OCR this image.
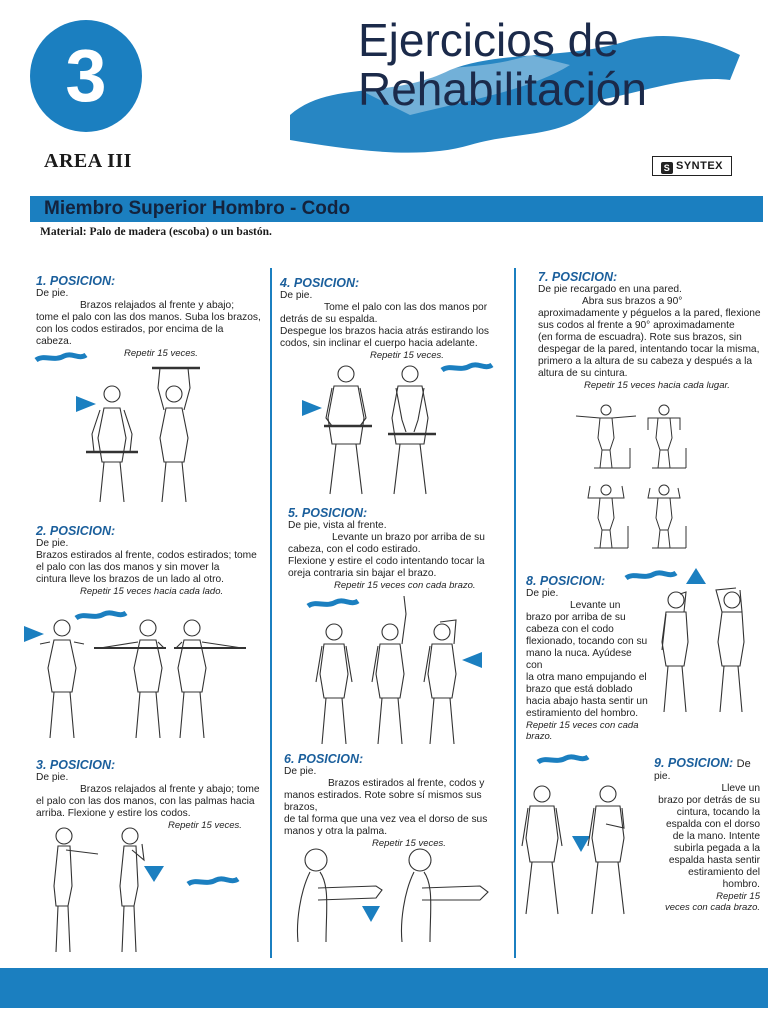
3
AREA III
Ejercicios de
Rehabilitación
S SYNTEX
Miembro Superior Hombro - Codo
Material: Palo de madera (escoba) o un bastón.
1. POSICION:
De pie.
Brazos relajados al frente y abajo;
tome el palo con las dos manos. Suba los brazos,
con los codos estirados, por encima de la cabeza.
Repetir 15 veces.
2. POSICION:
De pie.
Brazos estirados al frente, codos estirados; tome
el palo con las dos manos y sin mover la
cintura lleve los brazos de un lado al otro.
Repetir 15 veces hacia cada lado.
3. POSICION:
De pie.
Brazos relajados al frente y abajo; tome
el palo con las dos manos, con las palmas hacia
arriba. Flexione y estire los codos.
Repetir 15 veces.
4. POSICION:
De pie.
Tome el palo con las dos manos por
detrás de su espalda.
Despegue los brazos hacia atrás estirando los
codos, sin inclinar el cuerpo hacia adelante.
Repetir 15 veces.
5. POSICION:
De pie, vista al frente.
Levante un brazo por arriba de su
cabeza, con el codo estirado.
Flexione y estire el codo intentando tocar la
oreja contraria sin bajar el brazo.
Repetir 15 veces con cada brazo.
6. POSICION:
De pie.
Brazos estirados al frente, codos y
manos estirados. Rote sobre sí mismos sus brazos,
de tal forma que una vez vea el dorso de sus
manos y otra la palma.
Repetir 15 veces.
7. POSICION:
De pie recargado en una pared.
Abra sus brazos a 90°
aproximadamente y péguelos a la pared, flexione
sus codos al frente a 90° aproximadamente
(en forma de escuadra). Rote sus brazos, sin
despegar de la pared, intentando tocar la misma,
primero a la altura de su cabeza y después a la
altura de su cintura.
Repetir 15 veces hacia cada lugar.
8. POSICION:
De pie.
Levante un
brazo por arriba de su
cabeza con el codo
flexionado, tocando con su
mano la nuca. Ayúdese con
la otra mano empujando el
brazo que está doblado
hacia abajo hasta sentir un
estiramiento del hombro.
Repetir 15 veces con cada
brazo.
9. POSICION: De
pie.
Lleve un
brazo por detrás de su
cintura, tocando la
espalda con el dorso
de la mano. Intente
subirla pegada a la
espalda hasta sentir
estiramiento del
hombro.
Repetir 15
veces con cada brazo.
